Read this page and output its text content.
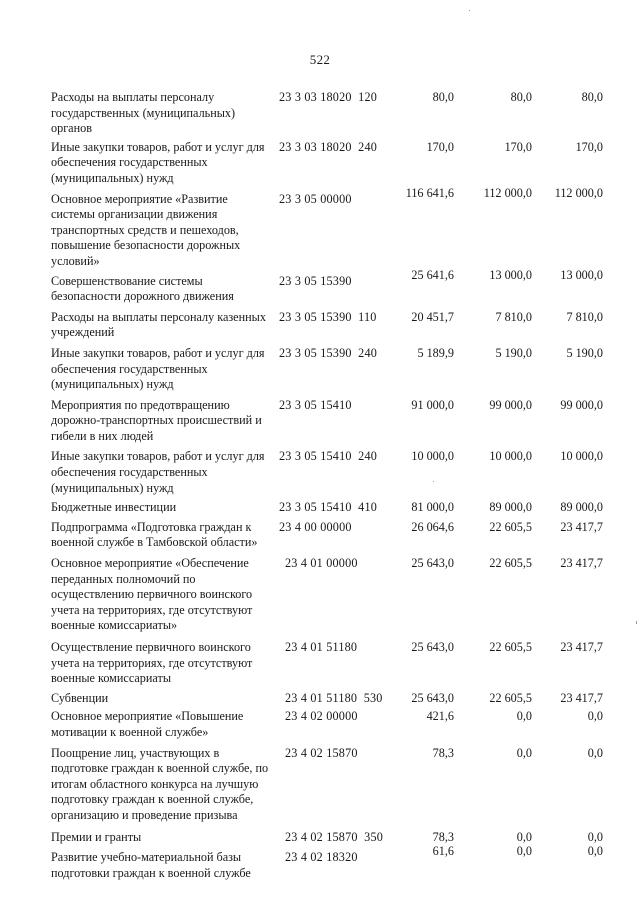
522
Расходы на выплаты персоналу государственных (муниципальных) органов
23 3 03 18020  120	80,0	80,0	80,0
Иные закупки товаров, работ и услуг для обеспечения государственных (муниципальных) нужд
23 3 03 18020  240	170,0	170,0	170,0
Основное мероприятие «Развитие системы организации движения транспортных средств и пешеходов, повышение безопасности дорожных условий»
23 3 05 00000	116 641,6	112 000,0	112 000,0
Совершенствование системы безопасности дорожного движения
23 3 05 15390	25 641,6	13 000,0	13 000,0
Расходы на выплаты персоналу казенных учреждений
23 3 05 15390  110	20 451,7	7 810,0	7 810,0
Иные закупки товаров, работ и услуг для обеспечения государственных (муниципальных) нужд
23 3 05 15390  240	5 189,9	5 190,0	5 190,0
Мероприятия по предотвращению дорожно-транспортных происшествий и гибели в них людей
23 3 05 15410	91 000,0	99 000,0	99 000,0
Иные закупки товаров, работ и услуг для обеспечения государственных (муниципальных) нужд
23 3 05 15410  240	10 000,0	10 000,0	10 000,0
Бюджетные инвестиции	23 3 05 15410  410	81 000,0	89 000,0	89 000,0
Подпрограмма «Подготовка граждан к военной службе в Тамбовской области»
23 4 00 00000	26 064,6	22 605,5	23 417,7
Основное мероприятие «Обеспечение переданных полномочий по осуществлению первичного воинского учета на территориях, где отсутствуют военные комиссариаты»
23 4 01 00000	25 643,0	22 605,5	23 417,7
Осуществление первичного воинского учета на территориях, где отсутствуют военные комиссариаты
23 4 01 51180	25 643,0	22 605,5	23 417,7
Субвенции	23 4 01 51180  530	25 643,0	22 605,5	23 417,7
Основное мероприятие «Повышение мотивации к военной службе»
23 4 02 00000	421,6	0,0	0,0
Поощрение лиц, участвующих в подготовке граждан к военной службе, по итогам областного конкурса на лучшую подготовку граждан к военной службе, организацию и проведение призыва
23 4 02 15870	78,3	0,0	0,0
Премии и гранты	23 4 02 15870  350	78,3	0,0	0,0
Развитие учебно-материальной базы подготовки граждан к военной службе
23 4 02 18320	61,6	0,0	0,0
